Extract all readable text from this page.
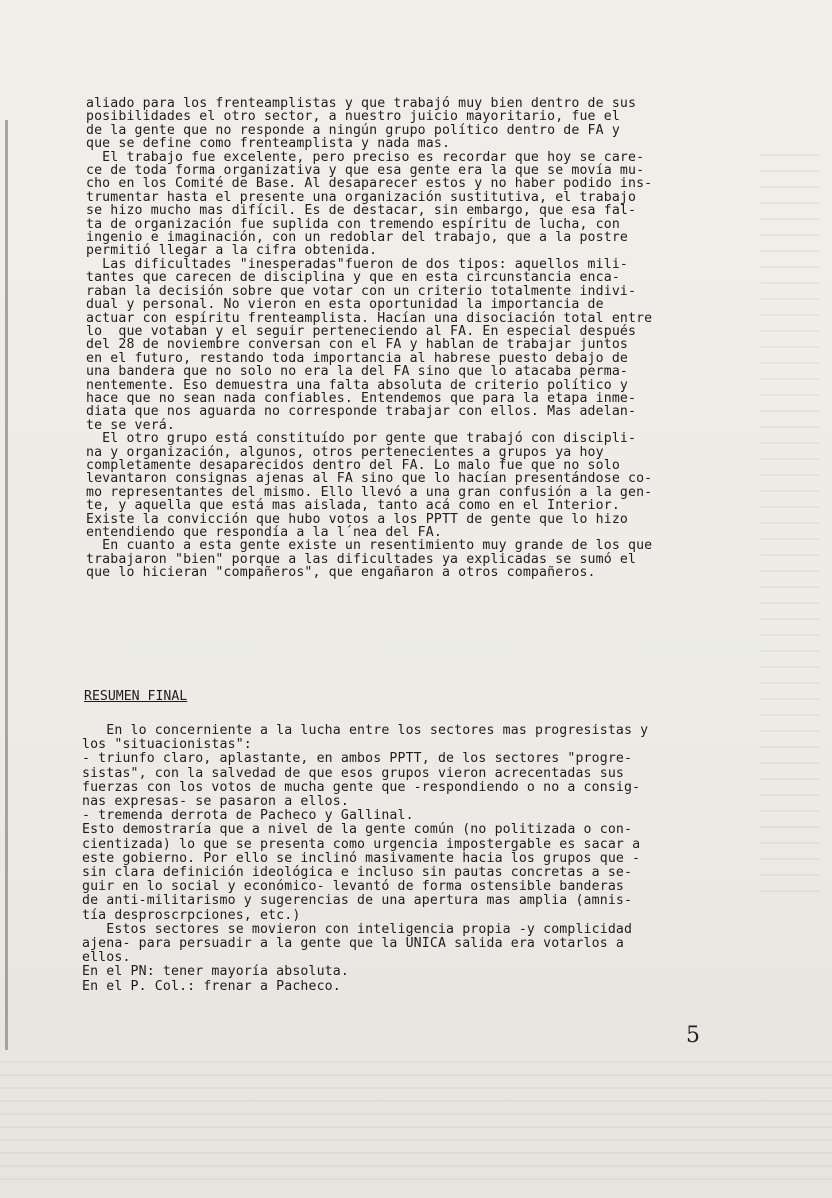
aliado para los frenteamplistas y que trabajó muy bien dentro de sus
posibilidades el otro sector, a nuestro juicio mayoritario, fue el
de la gente que no responde a ningún grupo político dentro de FA y
que se define como frenteamplista y nada mas.
El trabajo fue excelente, pero preciso es recordar que hoy se care-
ce de toda forma organizativa y que esa gente era la que se movía mu-
cho en los Comité de Base. Al desaparecer estos y no haber podido ins-
trumentar hasta el presente una organización sustitutiva, el trabajo
se hizo mucho mas difícil. Es de destacar, sin embargo, que esa fal-
ta de organización fue suplida con tremendo espíritu de lucha, con
ingenio e imaginación, con un redoblar del trabajo, que a la postre
permitió llegar a la cifra obtenida.
Las dificultades "inesperadas"fueron de dos tipos: aquellos mili-
tantes que carecen de disciplina y que en esta circunstancia enca-
raban la decisión sobre que votar con un criterio totalmente indivi-
dual y personal. No vieron en esta oportunidad la importancia de
actuar con espíritu frenteamplista. Hacían una disociación total entre
lo  que votaban y el seguir perteneciendo al FA. En especial después
del 28 de noviembre conversan con el FA y hablan de trabajar juntos
en el futuro, restando toda importancia al habrese puesto debajo de
una bandera que no solo no era la del FA sino que lo atacaba perma-
nentemente. Eso demuestra una falta absoluta de criterio político y
hace que no sean nada confiables. Entendemos que para la etapa inme-
diata que nos aguarda no corresponde trabajar con ellos. Mas adelan-
te se verá.
El otro grupo está constituído por gente que trabajó con discipli-
na y organización, algunos, otros pertenecientes a grupos ya hoy
completamente desaparecidos dentro del FA. Lo malo fue que no solo
levantaron consignas ajenas al FA sino que lo hacían presentándose co-
mo representantes del mismo. Ello llevó a una gran confusión a la gen-
te, y aquella que está mas aislada, tanto acá como en el Interior.
Existe la convicción que hubo votos a los PPTT de gente que lo hizo
entendiendo que respondía a la l´nea del FA.
En cuanto a esta gente existe un resentimiento muy grande de los que
trabajaron "bien" porque a las dificultades ya explicadas se sumó el
que lo hicieran "compañeros", que engañaron a otros compañeros.
RESUMEN FINAL
En lo concerniente a la lucha entre los sectores mas progresistas y
los "situacionistas":
- triunfo claro, aplastante, en ambos PPTT, de los sectores "progre-
sistas", con la salvedad de que esos grupos vieron acrecentadas sus
fuerzas con los votos de mucha gente que -respondiendo o no a consig-
nas expresas- se pasaron a ellos.
- tremenda derrota de Pacheco y Gallinal.
Esto demostraría que a nivel de la gente común (no politizada o con-
cientizada) lo que se presenta como urgencia impostergable es sacar a
este gobierno. Por ello se inclinó masivamente hacia los grupos que -
sin clara definición ideológica e incluso sin pautas concretas a se-
guir en lo social y económico- levantó de forma ostensible banderas
de anti-militarismo y sugerencias de una apertura mas amplia (amnis-
tía desproscrpciones, etc.)
Estos sectores se movieron con inteligencia propia -y complicidad
ajena- para persuadir a la gente que la UNICA salida era votarlos a
ellos.
En el PN: tener mayoría absoluta.
En el P. Col.: frenar a Pacheco.
5
